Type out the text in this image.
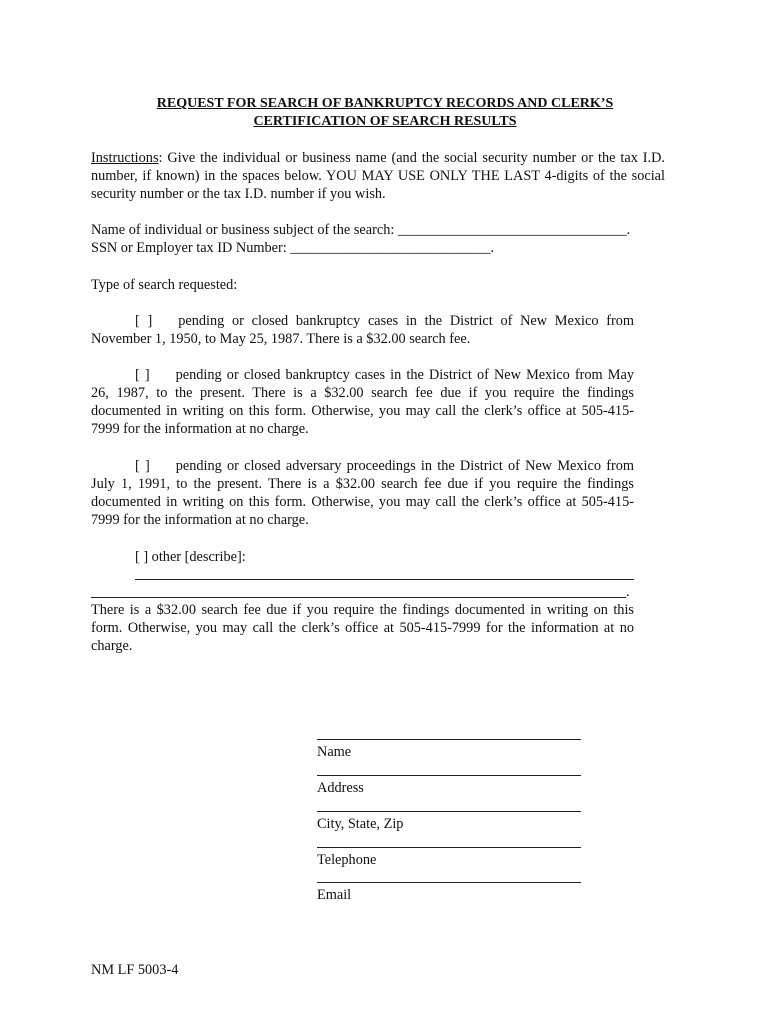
REQUEST FOR SEARCH OF BANKRUPTCY RECORDS AND CLERK’S
CERTIFICATION OF SEARCH RESULTS
Instructions: Give the individual or business name (and the social security number or the tax I.D. number, if known) in the spaces below. YOU MAY USE ONLY THE LAST 4-digits of the social security number or the tax I.D. number if you wish.
Name of individual or business subject of the search: ________________________________.
SSN or Employer tax ID Number: ____________________________.
Type of search requested:
[ ] pending or closed bankruptcy cases in the District of New Mexico from November 1, 1950, to May 25, 1987. There is a $32.00 search fee.
[ ] pending or closed bankruptcy cases in the District of New Mexico from May 26, 1987, to the present. There is a $32.00 search fee due if you require the findings documented in writing on this form. Otherwise, you may call the clerk’s office at 505-415-7999 for the information at no charge.
[ ] pending or closed adversary proceedings in the District of New Mexico from July 1, 1991, to the present. There is a $32.00 search fee due if you require the findings documented in writing on this form. Otherwise, you may call the clerk’s office at 505-415-7999 for the information at no charge.
[ ] other [describe]:
.
There is a $32.00 search fee due if you require the findings documented in writing on this form. Otherwise, you may call the clerk’s office at 505-415-7999 for the information at no charge.
Name
Address
City, State, Zip
Telephone
Email
NM LF 5003-4
